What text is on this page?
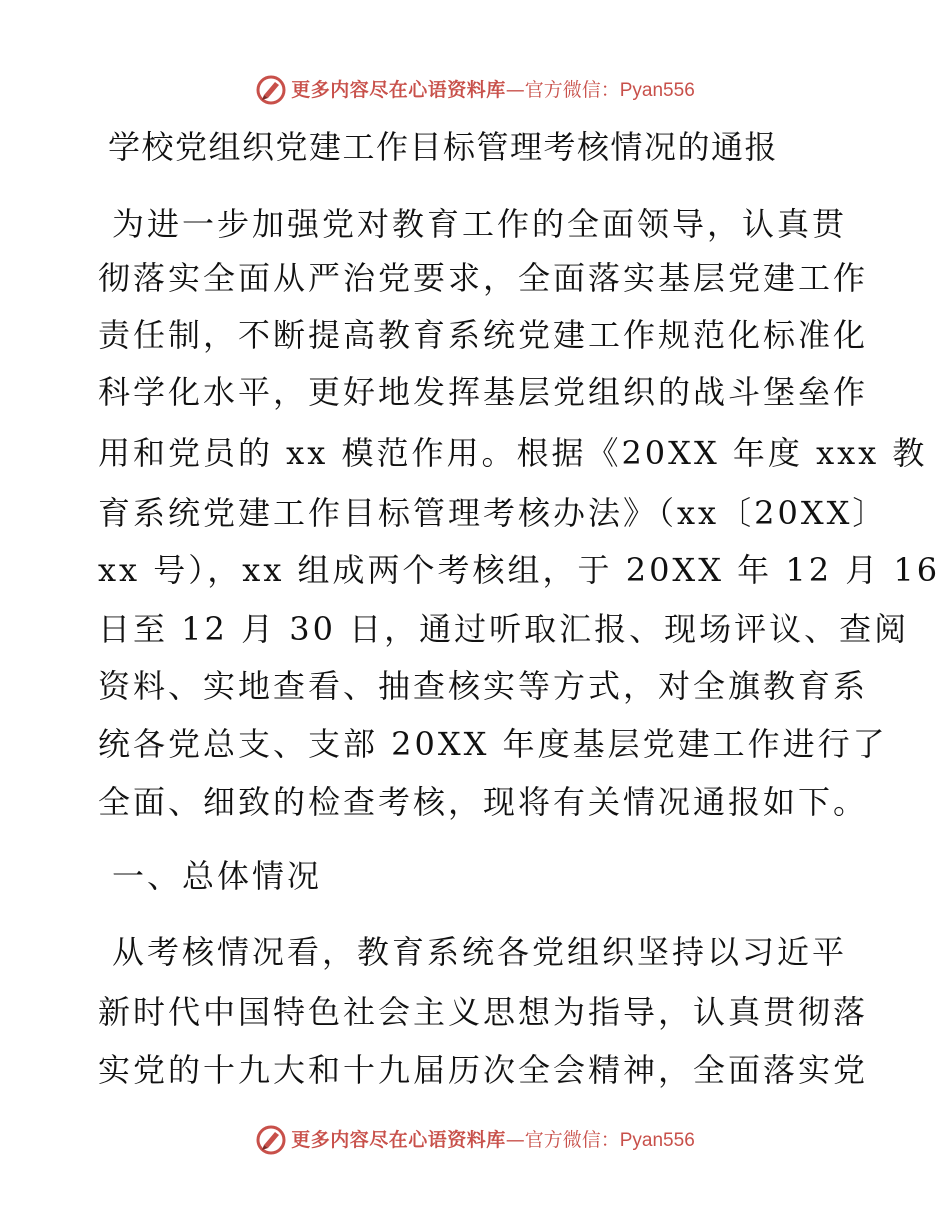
更多内容尽在心语资料库 — 官方微信： Pyan556
学校党组织党建工作目标管理考核情况的通报

为进一步加强党对教育工作的全面领导，认真贯

彻落实全面从严治党要求，全面落实基层党建工作

责任制，不断提高教育系统党建工作规范化标准化

科学化水平，更好地发挥基层党组织的战斗堡垒作

用和党员的 xx 模范作用。根据《20XX 年度 xxx 教

育系统党建工作目标管理考核办法》（xx〔20XX〕

xx 号），xx 组成两个考核组，于 20XX 年 12 月 16

日至 12 月 30 日，通过听取汇报、现场评议、查阅

资料、实地查看、抽查核实等方式，对全旗教育系

统各党总支、支部 20XX 年度基层党建工作进行了

全面、细致的检查考核，现将有关情况通报如下。

一、总体情况

从考核情况看，教育系统各党组织坚持以习近平

新时代中国特色社会主义思想为指导，认真贯彻落

实党的十九大和十九届历次全会精神，全面落实党

更多内容尽在心语资料库 — 官方微信： Pyan556
